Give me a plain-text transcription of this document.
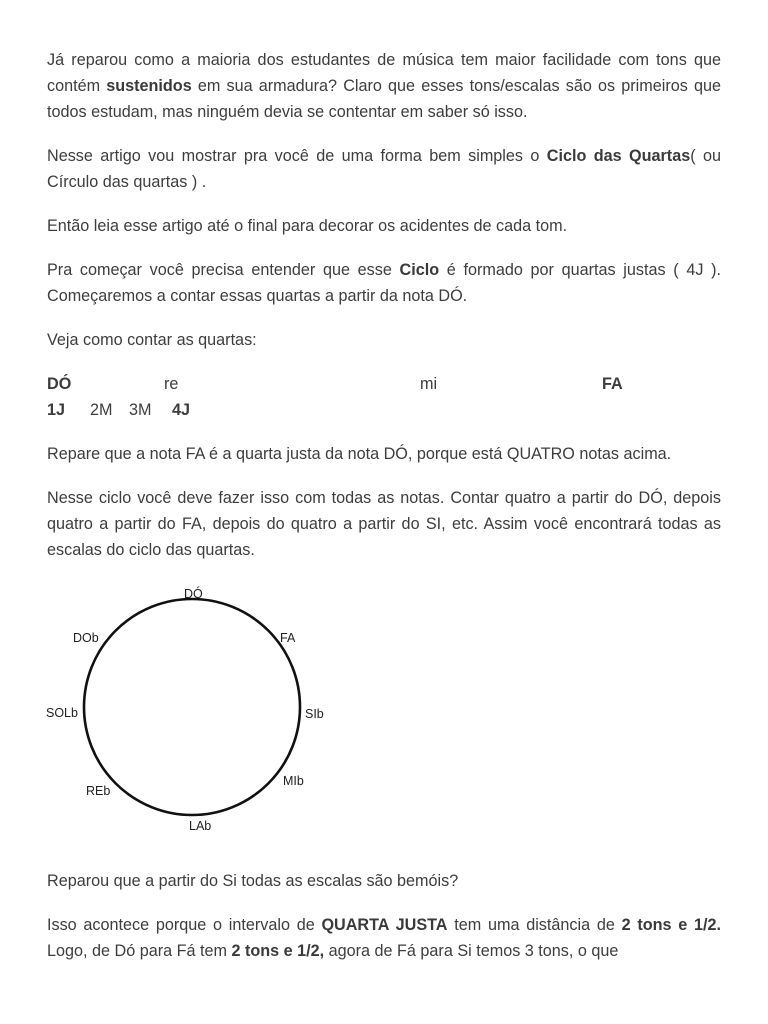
Já reparou como a maioria dos estudantes de música tem maior facilidade com tons que contém sustenidos em sua armadura? Claro que esses tons/escalas são os primeiros que todos estudam, mas ninguém devia se contentar em saber só isso.

Nesse artigo vou mostrar pra você de uma forma bem simples o Ciclo das Quartas( ou Círculo das quartas ) .

Então leia esse artigo até o final para decorar os acidentes de cada tom.

Pra começar você precisa entender que esse Ciclo é formado por quartas justas ( 4J ). Começaremos a contar essas quartas a partir da nota DÓ.

Veja como contar as quartas:

DÓ	re	mi	FA
1J 2M 3M 4J

Repare que a nota FA é a quarta justa da nota DÓ, porque está QUATRO notas acima.

Nesse ciclo você deve fazer isso com todas as notas. Contar quatro a partir do DÓ, depois quatro a partir do FA, depois do quatro a partir do SI, etc. Assim você encontrará todas as escalas do ciclo das quartas.

DÓ
FA
SIb
MIb
LAb
REb
SOLb
DOb

Reparou que a partir do Si todas as escalas são bemóis?

Isso acontece porque o intervalo de QUARTA JUSTA tem uma distância de 2 tons e 1/2. Logo, de Dó para Fá tem 2 tons e 1/2, agora de Fá para Si temos 3 tons, o que
